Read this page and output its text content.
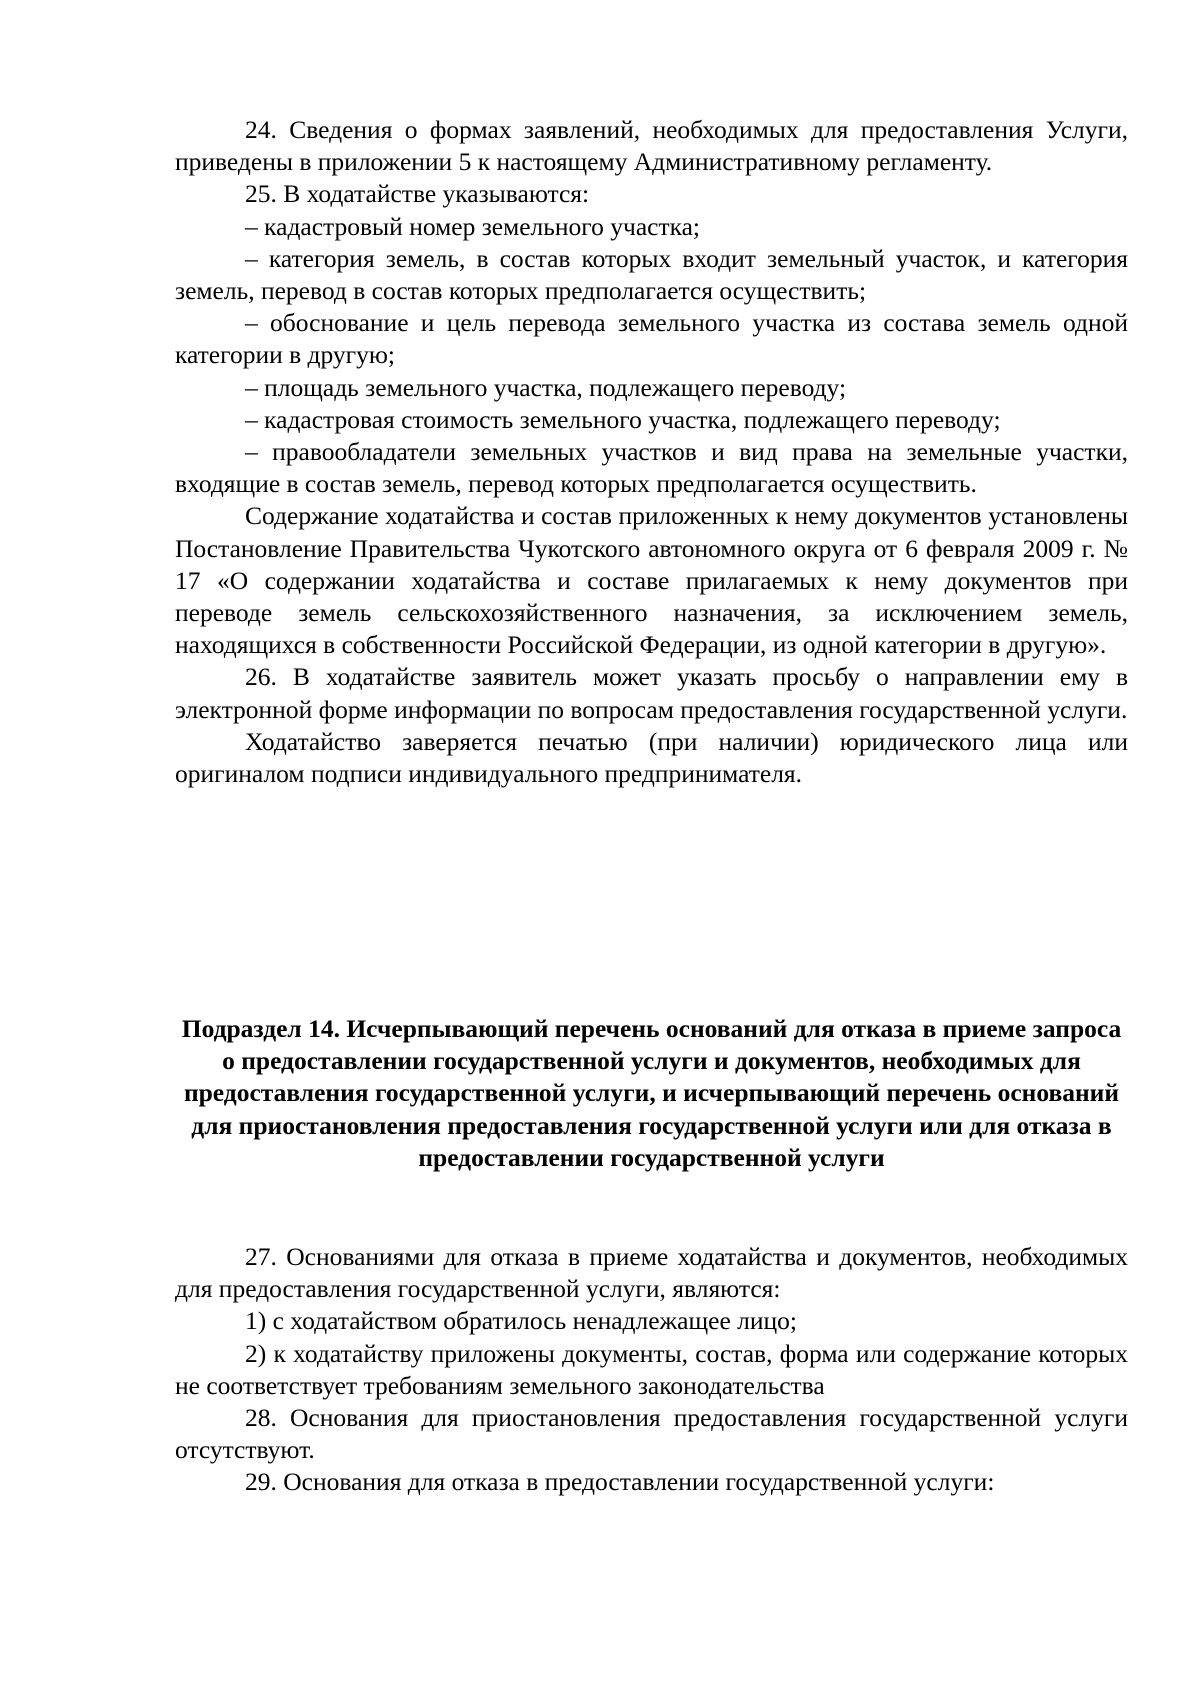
24. Сведения о формах заявлений, необходимых для предоставления Услуги, приведены в приложении 5 к настоящему Административному регламенту.

25. В ходатайстве указываются:

– кадастровый номер земельного участка;

– категория земель, в состав которых входит земельный участок, и категория земель, перевод в состав которых предполагается осуществить;

– обоснование и цель перевода земельного участка из состава земель одной категории в другую;

– площадь земельного участка, подлежащего переводу;

– кадастровая стоимость земельного участка, подлежащего переводу;

– правообладатели земельных участков и вид права на земельные участки, входящие в состав земель, перевод которых предполагается осуществить.

Содержание ходатайства и состав приложенных к нему документов установлены Постановление Правительства Чукотского автономного округа от 6 февраля 2009 г. № 17 «О содержании ходатайства и составе прилагаемых к нему документов при переводе земель сельскохозяйственного назначения, за исключением земель, находящихся в собственности Российской Федерации, из одной категории в другую».

26. В ходатайстве заявитель может указать просьбу о направлении ему в электронной форме информации по вопросам предоставления государственной услуги.

Ходатайство заверяется печатью (при наличии) юридического лица или оригиналом подписи индивидуального предпринимателя.

Подраздел 14. Исчерпывающий перечень оснований для отказа в приеме запроса о предоставлении государственной услуги и документов, необходимых для предоставления государственной услуги, и исчерпывающий перечень оснований для приостановления предоставления государственной услуги или для отказа в предоставлении государственной услуги

27. Основаниями для отказа в приеме ходатайства и документов, необходимых для предоставления государственной услуги, являются:

1) с ходатайством обратилось ненадлежащее лицо;

2) к ходатайству приложены документы, состав, форма или содержание которых не соответствует требованиям земельного законодательства

28. Основания для приостановления предоставления государственной услуги отсутствуют.

29. Основания для отказа в предоставлении государственной услуги:
